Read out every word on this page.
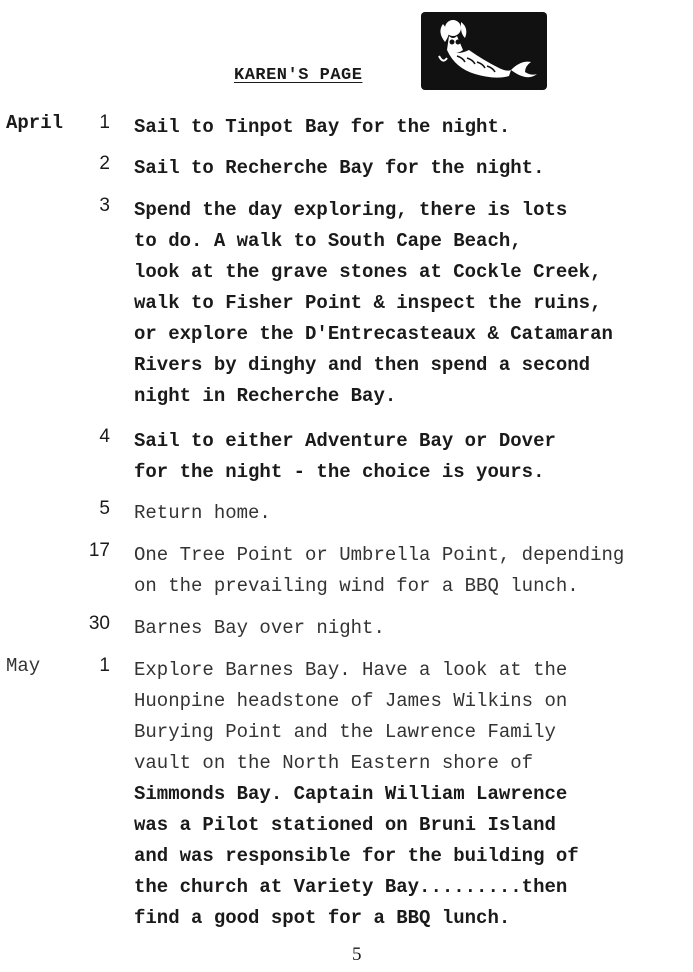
KAREN'S PAGE
April	1 Sail to Tinpot Bay for the night.
2 Sail to Recherche Bay for the night.
3 Spend the day exploring, there is lots
to do. A walk to South Cape Beach,
look at the grave stones at Cockle Creek,
walk to Fisher Point & inspect the ruins,
or explore the D'Entrecasteaux & Catamaran
Rivers by dinghy and then spend a second
night in Recherche Bay.
4 Sail to either Adventure Bay or Dover
for the night - the choice is yours.
5 Return home.
17 One Tree Point or Umbrella Point, depending
on the prevailing wind for a BBQ lunch.
30 Barnes Bay over night.
May	1 Explore Barnes Bay. Have a look at the
Huonpine headstone of James Wilkins on
Burying Point and the Lawrence Family
vault on the North Eastern shore of
Simmonds Bay. Captain William Lawrence
was a Pilot stationed on Bruni Island
and was responsible for the building of
the church at Variety Bay.........then
find a good spot for a BBQ lunch.
5
